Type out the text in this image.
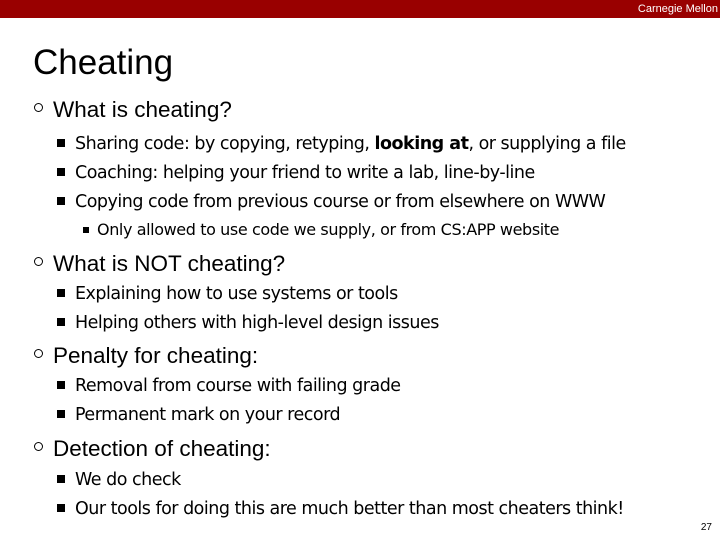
Carnegie Mellon
Cheating
What is cheating?
Sharing code: by copying, retyping, looking at, or supplying a file
Coaching: helping your friend to write a lab, line-by-line
Copying code from previous course or from elsewhere on WWW
Only allowed to use code we supply, or from CS:APP website
What is NOT cheating?
Explaining how to use systems or tools
Helping others with high-level design issues
Penalty for cheating:
Removal from course with failing grade
Permanent mark on your record
Detection of cheating:
We do check
Our tools for doing this are much better than most cheaters think!
27
